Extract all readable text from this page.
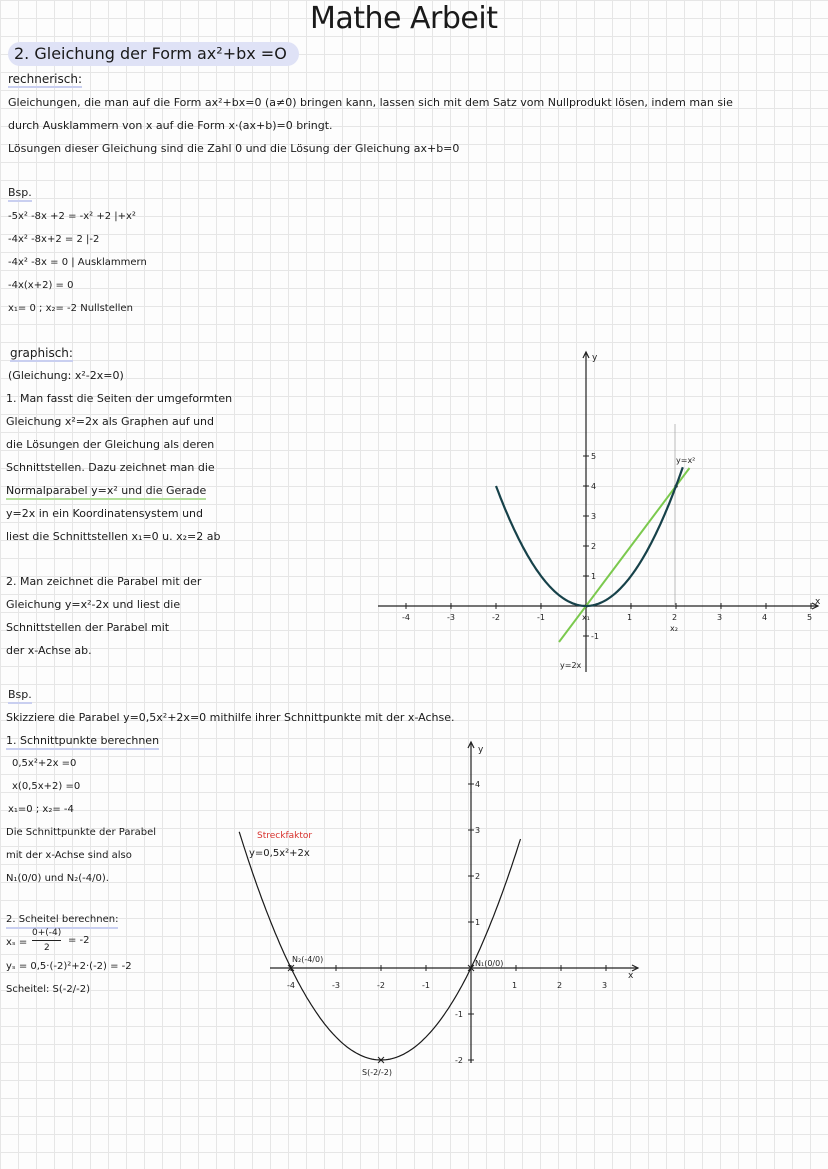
Mathe Arbeit
2. Gleichung der Form ax²+bx =O
rechnerisch:
Gleichungen, die man auf die Form ax²+bx=0 (a≠0) bringen kann, lassen sich mit dem Satz vom Nullprodukt lösen, indem man sie
durch Ausklammern von x auf die Form x·(ax+b)=0 bringt.
Lösungen dieser Gleichung sind die Zahl 0 und die Lösung der Gleichung ax+b=0
Bsp.
-5x² -8x +2 = -x² +2 |+x²
-4x² -8x+2 = 2 |-2
-4x² -8x = 0 | Ausklammern
-4x(x+2) = 0
x₁= 0 ; x₂= -2 Nullstellen
graphisch:
(Gleichung: x²-2x=0)
1. Man fasst die Seiten der umgeformten
Gleichung x²=2x als Graphen auf und
die Lösungen der Gleichung als deren
Schnittstellen. Dazu zeichnet man die
Normalparabel y=x² und die Gerade
y=2x in ein Koordinatensystem und
liest die Schnittstellen x₁=0 u. x₂=2 ab
2. Man zeichnet die Parabel mit der
Gleichung y=x²-2x und liest die
Schnittstellen der Parabel mit
der x-Achse ab.
Bsp.
Skizziere die Parabel y=0,5x²+2x=0 mithilfe ihrer Schnittpunkte mit der x-Achse.
1. Schnittpunkte berechnen
0,5x²+2x =0
x(0,5x+2) =0
x₁=0 ; x₂= -4
Die Schnittpunkte der Parabel
mit der x-Achse sind also
N₁(0/0) und N₂(-4/0).
2. Scheitel berechnen:
xₛ =
0+(-4)
2
= -2
yₛ = 0,5·(-2)²+2·(-2) = -2
Scheitel: S(-2/-2)
y
x
-4	-3	-2	-1	x₁	1	2	3	4	5
5
4
3
2
1
-1
y=x²
y=2x
x₂
Streckfaktor
y=0,5x²+2x
y
x
-4	-3	-2	-1	1	2	3
4
3
2
1
-1
-2
N₁(0/0)
N₂(-4/0)
S(-2/-2)
